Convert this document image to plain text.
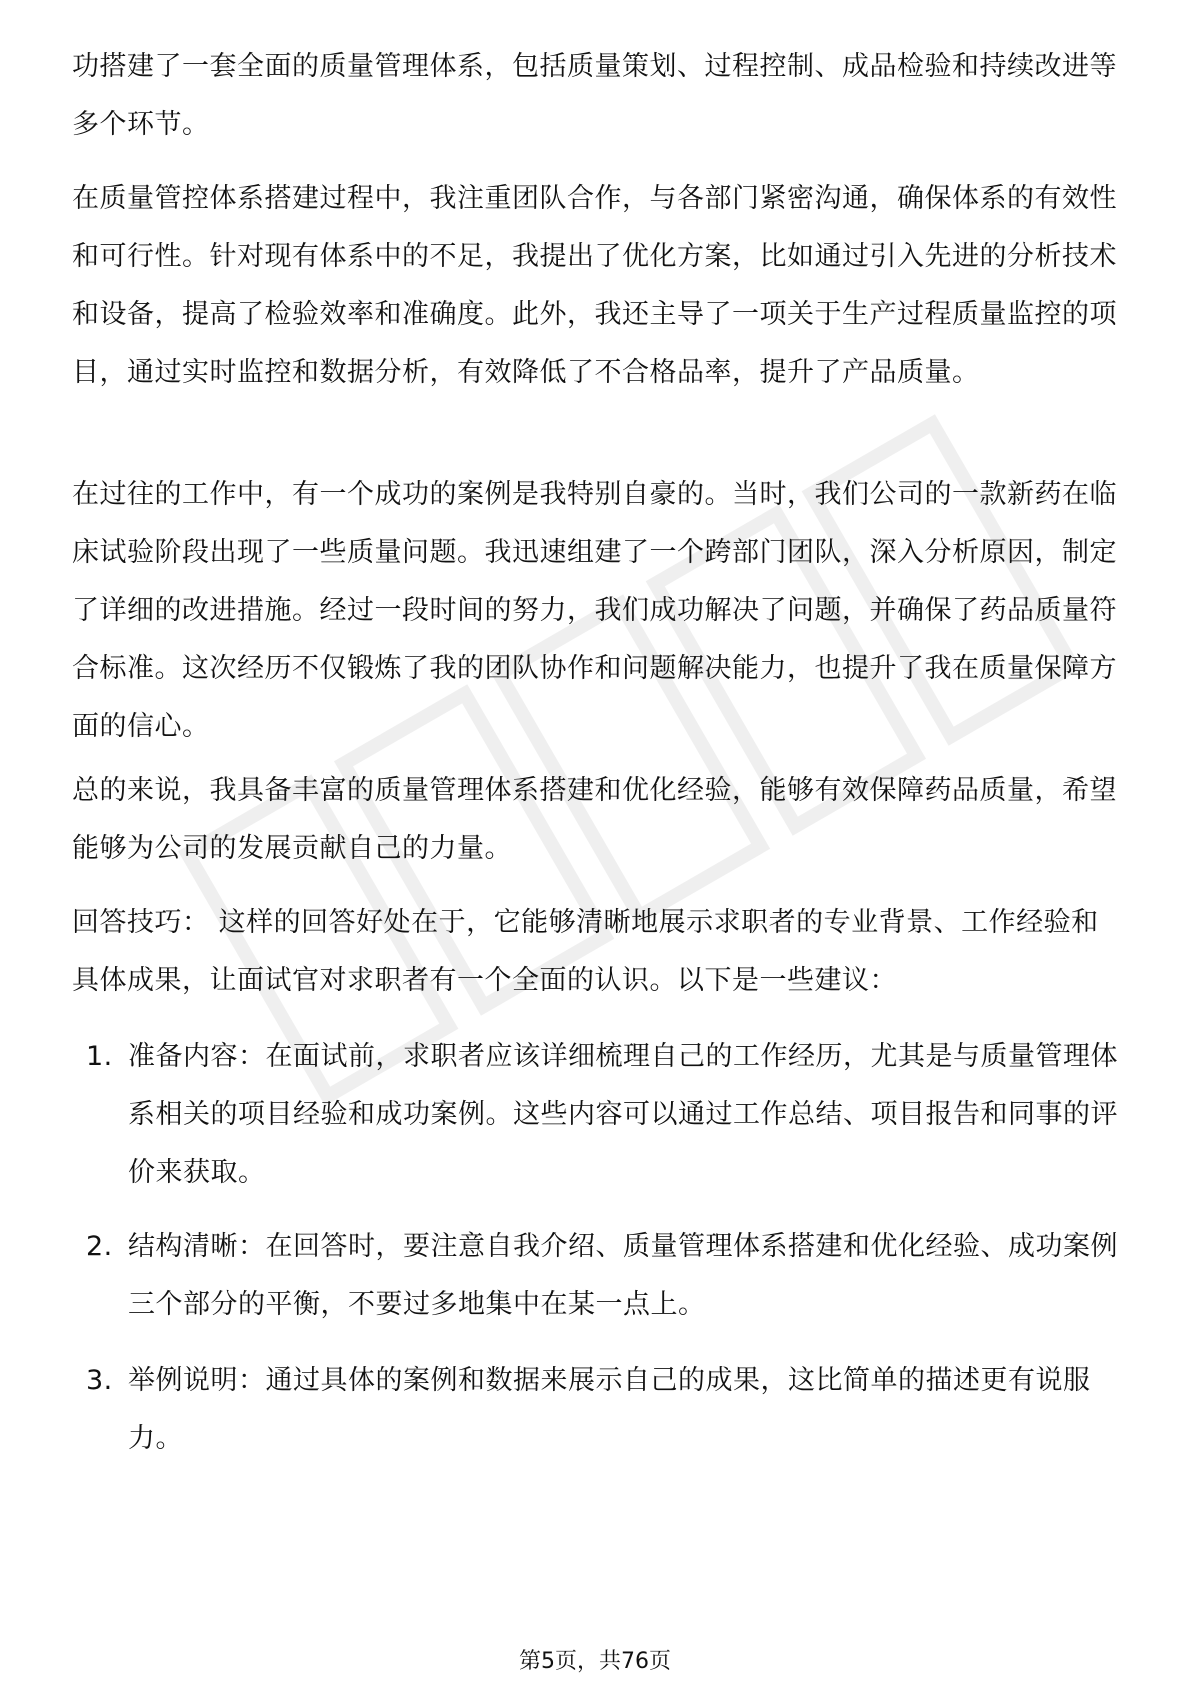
功搭建了一套全面的质量管理体系，包括质量策划、过程控制、成品检验和持续改进等多个环节。

在质量管控体系搭建过程中，我注重团队合作，与各部门紧密沟通，确保体系的有效性和可行性。针对现有体系中的不足，我提出了优化方案，比如通过引入先进的分析技术和设备，提高了检验效率和准确度。此外，我还主导了一项关于生产过程质量监控的项目，通过实时监控和数据分析，有效降低了不合格品率，提升了产品质量。

在过往的工作中，有一个成功的案例是我特别自豪的。当时，我们公司的一款新药在临床试验阶段出现了一些质量问题。我迅速组建了一个跨部门团队，深入分析原因，制定了详细的改进措施。经过一段时间的努力，我们成功解决了问题，并确保了药品质量符合标准。这次经历不仅锻炼了我的团队协作和问题解决能力，也提升了我在质量保障方面的信心。

总的来说，我具备丰富的质量管理体系搭建和优化经验，能够有效保障药品质量，希望能够为公司的发展贡献自己的力量。

回答技巧： 这样的回答好处在于，它能够清晰地展示求职者的专业背景、工作经验和具体成果，让面试官对求职者有一个全面的认识。以下是一些建议：

1. 准备内容：在面试前，求职者应该详细梳理自己的工作经历，尤其是与质量管理体系相关的项目经验和成功案例。这些内容可以通过工作总结、项目报告和同事的评价来获取。
2. 结构清晰：在回答时，要注意自我介绍、质量管理体系搭建和优化经验、成功案例三个部分的平衡，不要过多地集中在某一点上。
3. 举例说明：通过具体的案例和数据来展示自己的成果，这比简单的描述更有说服力。
第5页，共76页
